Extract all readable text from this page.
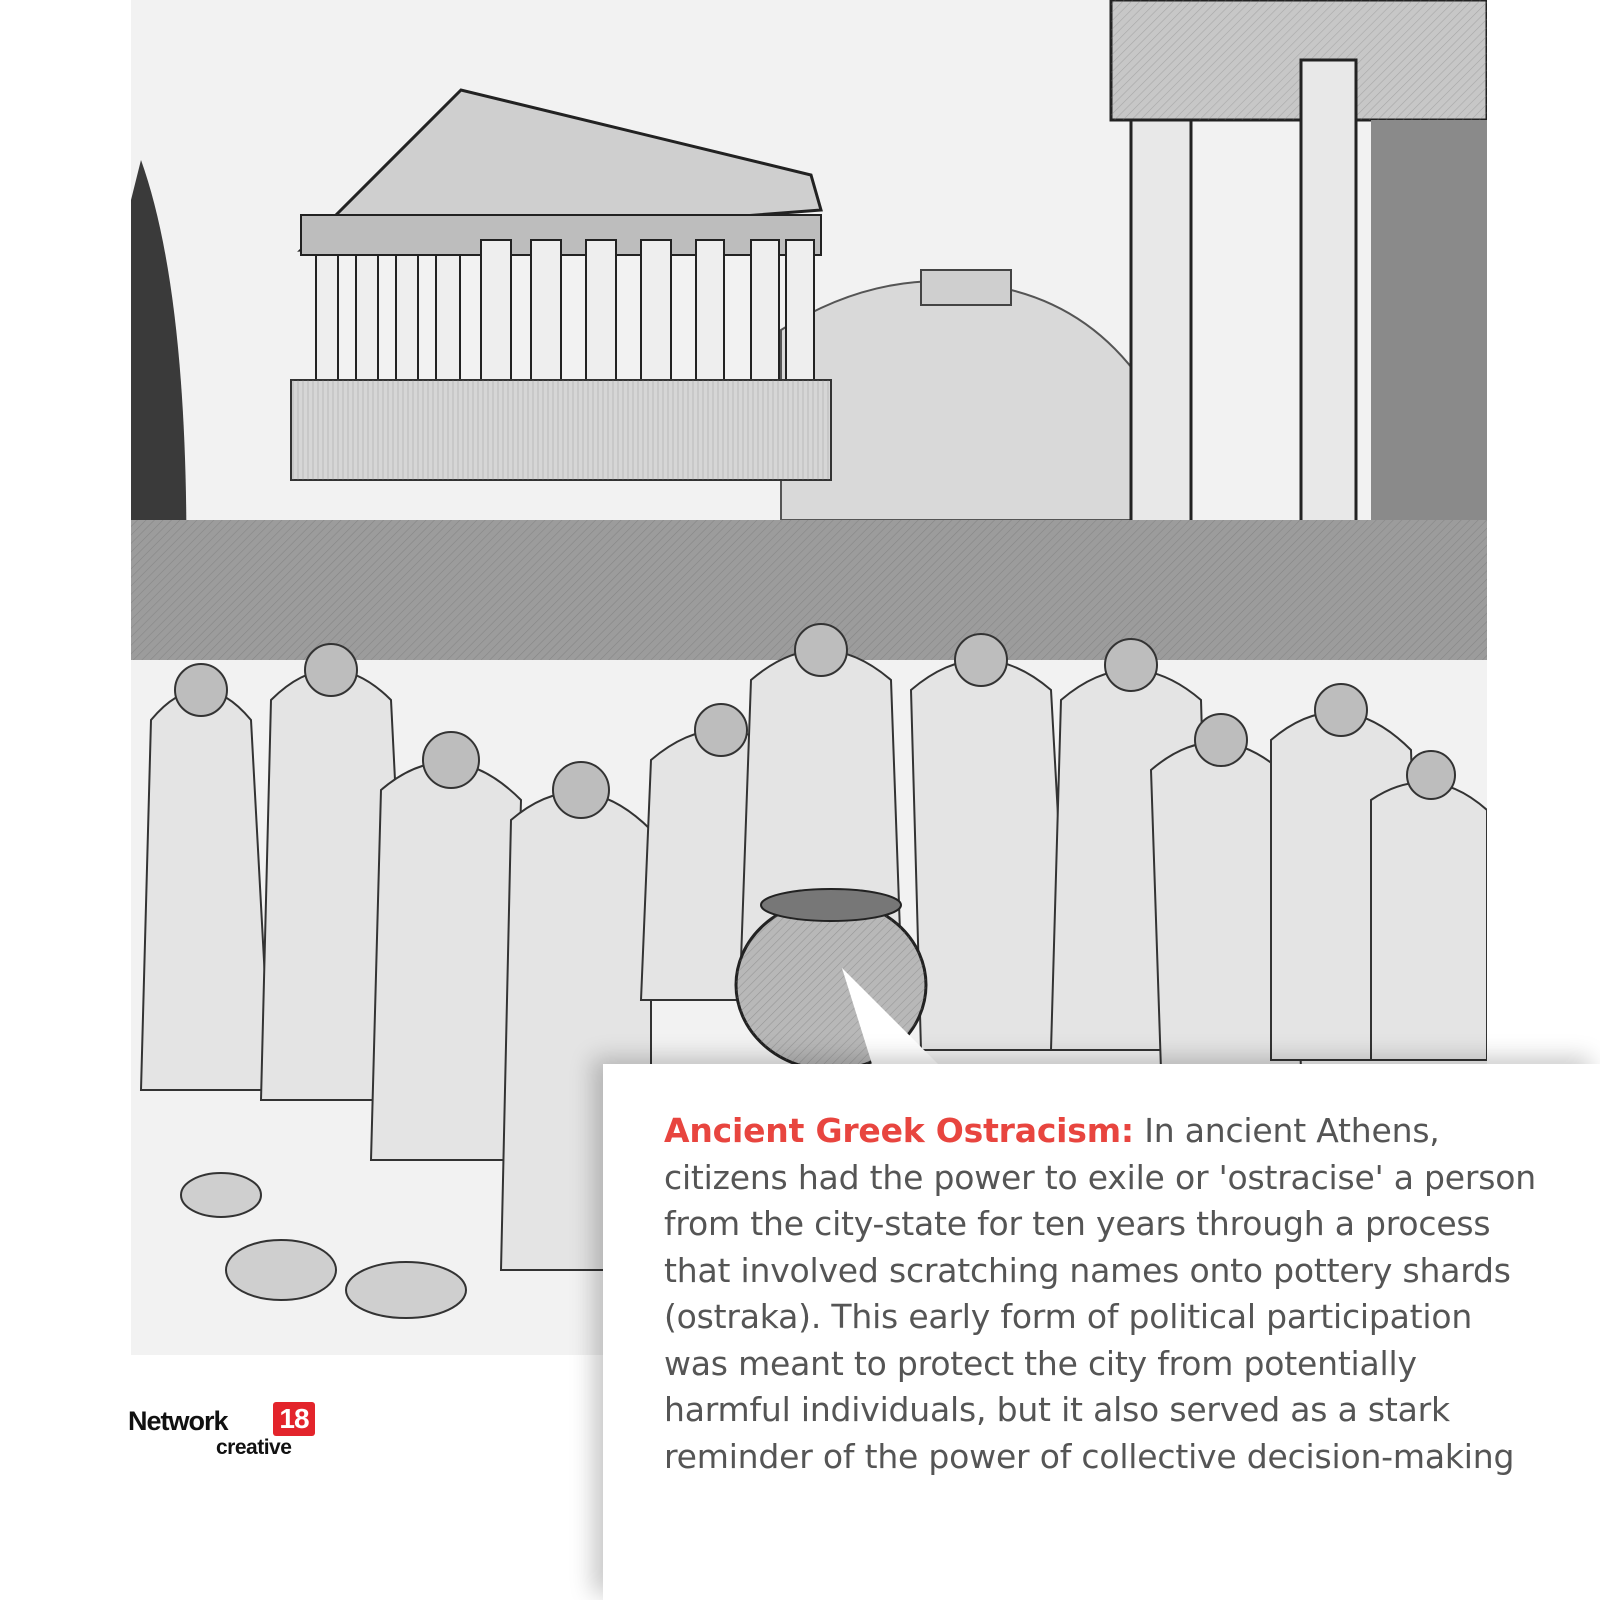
Ancient Greek Ostracism: In ancient Athens, citizens had the power to exile or 'ostracise' a person from the city-state for ten years through a process that involved scratching names onto pottery shards (ostraka). This early form of political participation was meant to protect the city from potentially harmful individuals, but it also served as a stark reminder of the power of collective decision-making
Network 18
creative
